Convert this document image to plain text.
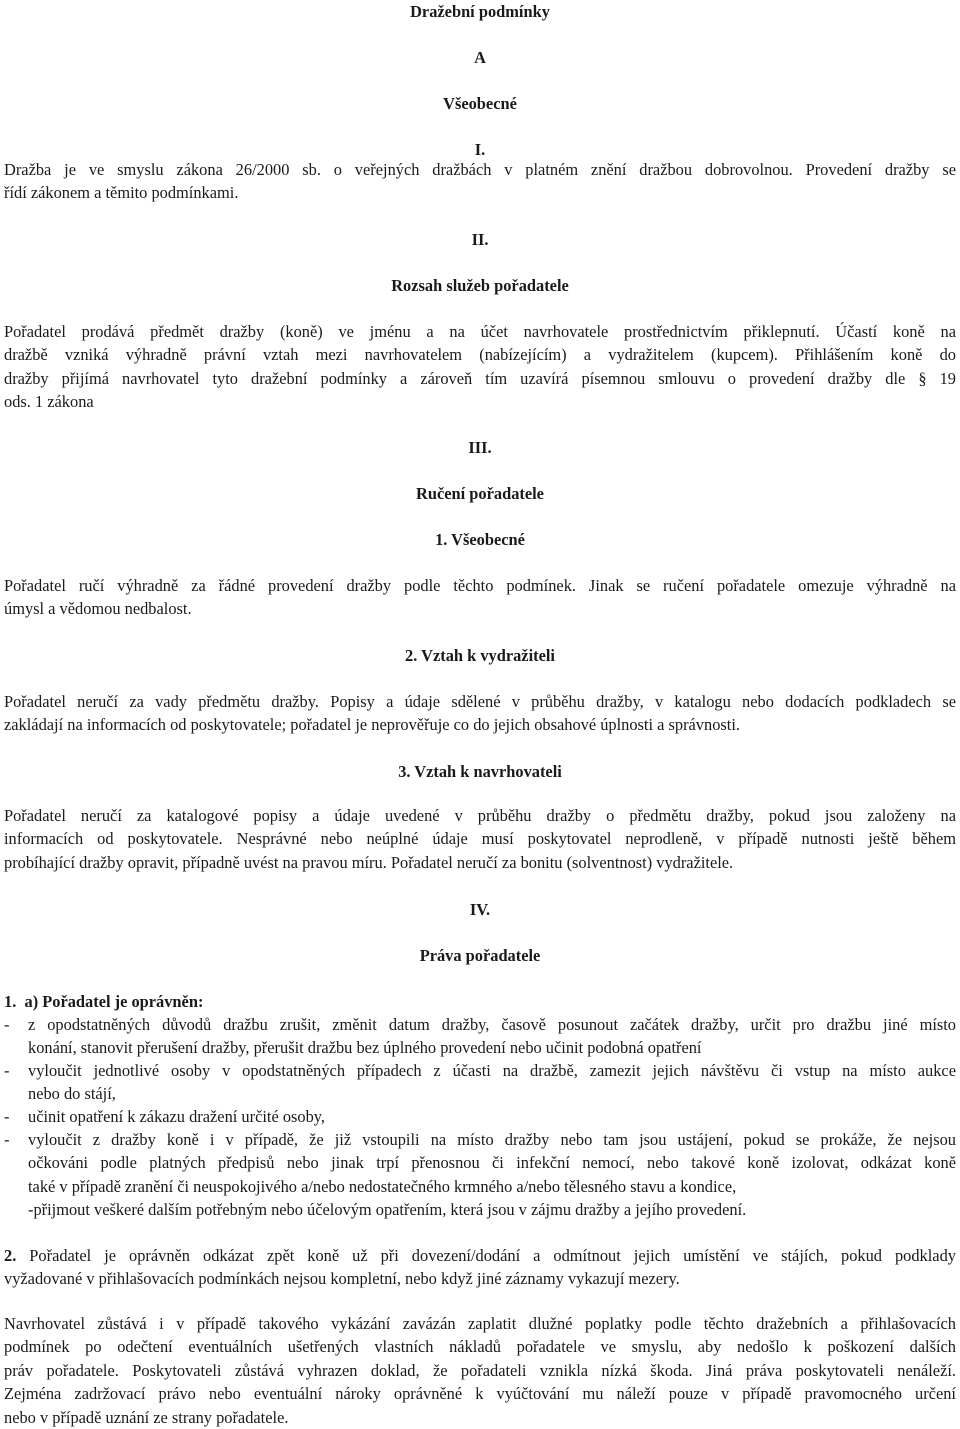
Dražební podmínky
A
Všeobecné
I.
Dražba je ve smyslu zákona 26/2000 sb. o veřejných dražbách v platném znění dražbou dobrovolnou. Provedení dražby se
řídí zákonem a těmito podmínkami.
II.
Rozsah služeb pořadatele
Pořadatel prodává předmět dražby (koně) ve jménu a na účet navrhovatele prostřednictvím přiklepnutí. Účastí koně na
dražbě vzniká výhradně právní vztah mezi navrhovatelem (nabízejícím) a vydražitelem (kupcem). Přihlášením koně do
dražby přijímá navrhovatel tyto dražební podmínky a zároveň tím uzavírá písemnou smlouvu o provedení dražby dle § 19
ods. 1 zákona
III.
Ručení pořadatele
1. Všeobecné
Pořadatel ručí výhradně za řádné provedení dražby podle těchto podmínek. Jinak se ručení pořadatele omezuje výhradně na
úmysl a vědomou nedbalost.
2. Vztah k vydražiteli
Pořadatel neručí za vady předmětu dražby. Popisy a údaje sdělené v průběhu dražby, v katalogu nebo dodacích podkladech se
zakládají na informacích od poskytovatele; pořadatel je neprověřuje co do jejich obsahové úplnosti a správnosti.
3. Vztah k navrhovateli
Pořadatel neručí za katalogové popisy a údaje uvedené v průběhu dražby o předmětu dražby, pokud jsou založeny na
informacích od poskytovatele. Nesprávné nebo neúplné údaje musí poskytovatel neprodleně, v případě nutnosti ještě během
probíhající dražby opravit, případně uvést na pravou míru. Pořadatel neručí za bonitu (solventnost) vydražitele.
IV.
Práva pořadatele
1. a) Pořadatel je oprávněn:
- z opodstatněných důvodů dražbu zrušit, změnit datum dražby, časově posunout začátek dražby, určit pro dražbu jiné místo
konání, stanovit přerušení dražby, přerušit dražbu bez úplného provedení nebo učinit podobná opatření
- vyloučit jednotlivé osoby v opodstatněných případech z účasti na dražbě, zamezit jejich návštěvu či vstup na místo aukce
nebo do stájí,
- učinit opatření k zákazu dražení určité osoby,
- vyloučit z dražby koně i v případě, že již vstoupili na místo dražby nebo tam jsou ustájení, pokud se prokáže, že nejsou
očkováni podle platných předpisů nebo jinak trpí přenosnou či infekční nemocí, nebo takové koně izolovat, odkázat koně
také v případě zranění či neuspokojivého a/nebo nedostatečného krmného a/nebo tělesného stavu a kondice,
-přijmout veškeré dalším potřebným nebo účelovým opatřením, která jsou v zájmu dražby a jejího provedení.
2. Pořadatel je oprávněn odkázat zpět koně už při dovezení/dodání a odmítnout jejich umístění ve stájích, pokud podklady
vyžadované v přihlašovacích podmínkách nejsou kompletní, nebo když jiné záznamy vykazují mezery.
Navrhovatel zůstává i v případě takového vykázání zavázán zaplatit dlužné poplatky podle těchto dražebních a přihlašovacích
podmínek po odečtení eventuálních ušetřených vlastních nákladů pořadatele ve smyslu, aby nedošlo k poškození dalších
práv pořadatele. Poskytovateli zůstává vyhrazen doklad, že pořadateli vznikla nízká škoda. Jiná práva poskytovateli nenáleží.
Zejména zadržovací právo nebo eventuální nároky oprávněné k vyúčtování mu náleží pouze v případě pravomocného určení
nebo v případě uznání ze strany pořadatele.
